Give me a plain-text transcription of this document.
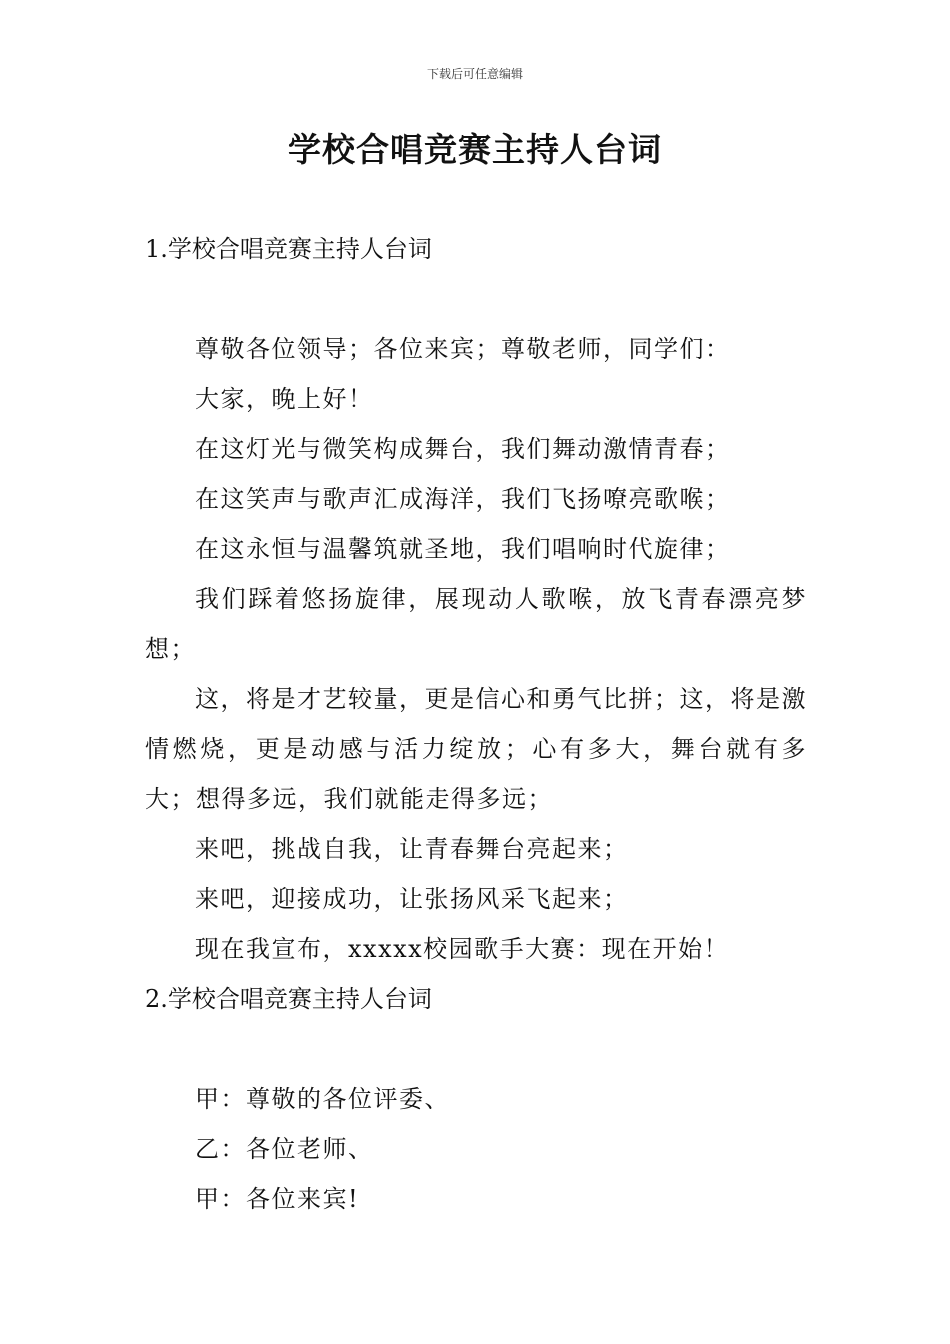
下载后可任意编辑
学校合唱竞赛主持人台词
1.学校合唱竞赛主持人台词

尊敬各位领导；各位来宾；尊敬老师，同学们：

大家，晚上好！

在这灯光与微笑构成舞台，我们舞动激情青春；

在这笑声与歌声汇成海洋，我们飞扬嘹亮歌喉；

在这永恒与温馨筑就圣地，我们唱响时代旋律；

我们踩着悠扬旋律，展现动人歌喉，放飞青春漂亮梦想；

这，将是才艺较量，更是信心和勇气比拼；这，将是激情燃烧，更是动感与活力绽放；心有多大，舞台就有多大；想得多远，我们就能走得多远；

来吧，挑战自我，让青春舞台亮起来；

来吧，迎接成功，让张扬风采飞起来；

现在我宣布，xxxxx校园歌手大赛：现在开始！

2.学校合唱竞赛主持人台词

甲：尊敬的各位评委、

乙：各位老师、

甲：各位来宾!
